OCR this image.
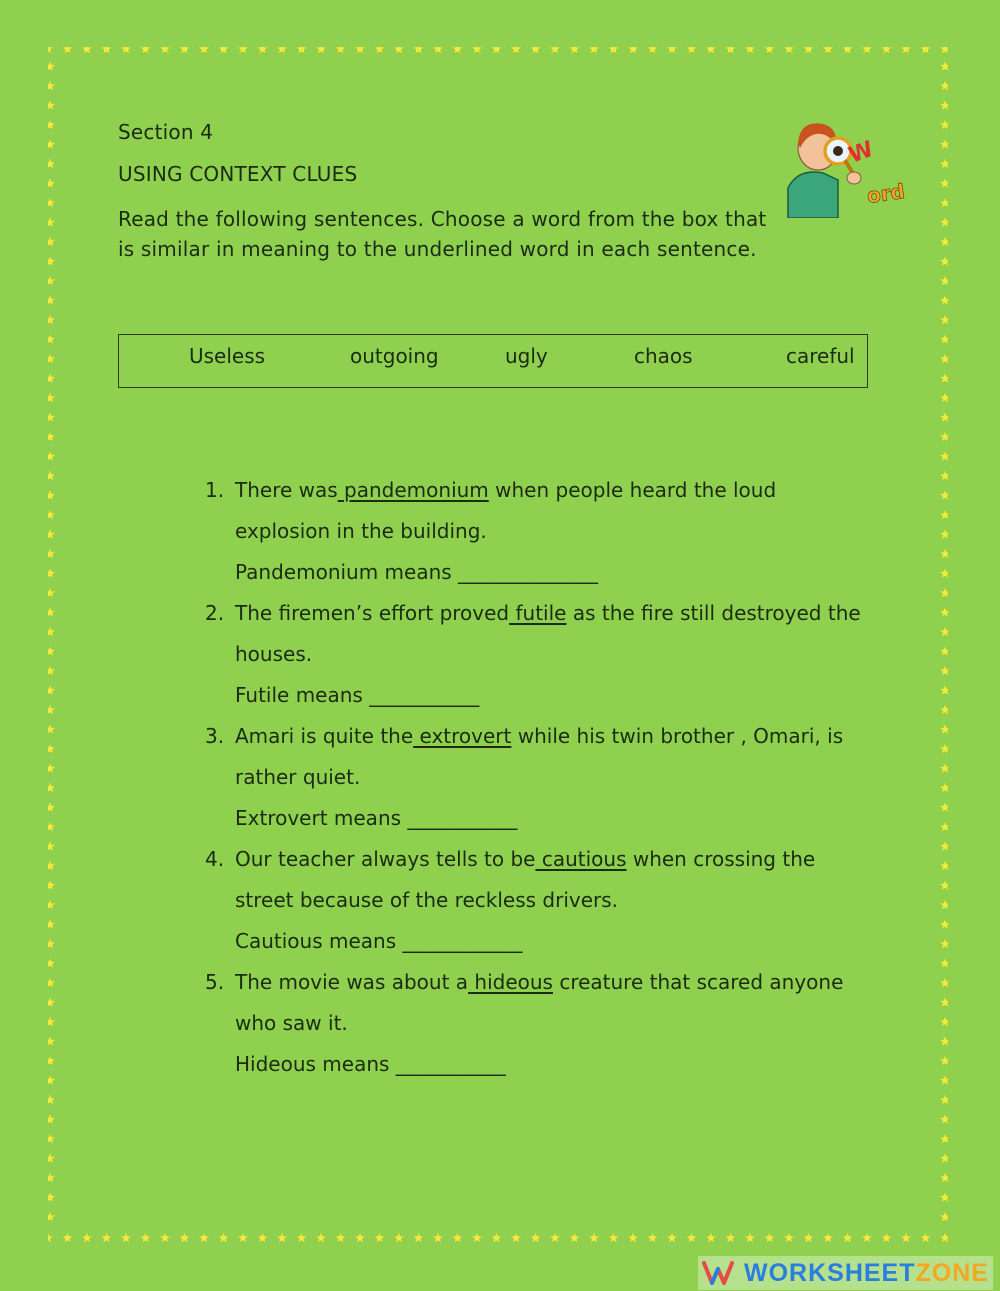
Section 4
USING CONTEXT CLUES
Read the following sentences. Choose a word from the box that is similar in meaning to the underlined word in each sentence.
W
ord
Useless	outgoing	ugly	chaos	careful
1. There was pandemonium when people heard the loud
explosion in the building.
Pandemonium means ______________
2. The firemen’s effort proved futile as the fire still destroyed the
houses.
Futile means ___________
3. Amari is quite the extrovert while his twin brother , Omari, is
rather quiet.
Extrovert means ___________
4. Our teacher always tells to be cautious when crossing the
street because of the reckless drivers.
Cautious means ____________
5. The movie was about a hideous creature that scared anyone
who saw it.
Hideous means ___________
WORKSHEETZONE
